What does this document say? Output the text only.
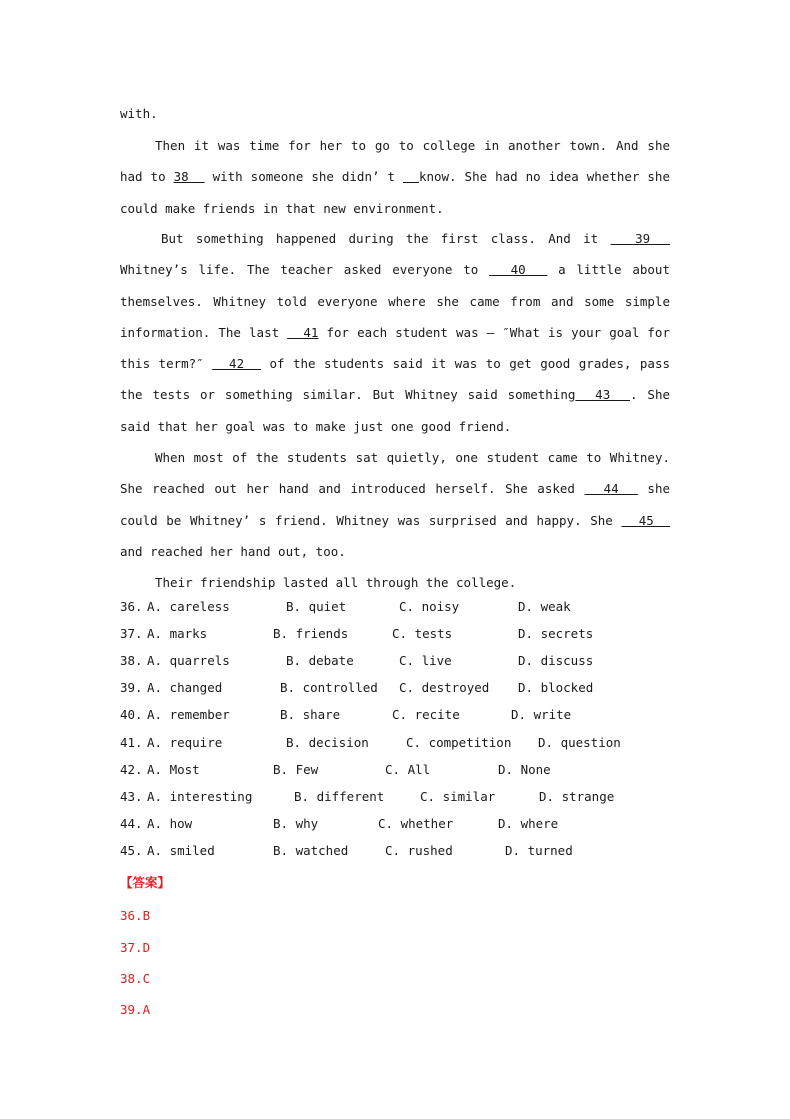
with.

Then it was time for her to go to college in another town. And she had to 38   with someone she didn’ t   know. She had no idea whether she could make friends in that new environment.

But something happened during the first class. And it   39   Whitney’s life. The teacher asked everyone to   40   a little about themselves. Whitney told everyone where she came from and some simple information. The last   41 for each student was – ″What is your goal for this term?″   42   of the students said it was to get good grades, pass the tests or something similar. But Whitney said something  43  . She said that her goal was to make just one good friend.

When most of the students sat quietly, one student came to Whitney. She reached out her hand and introduced herself. She asked   44   she could be Whitney’ s friend. Whitney was surprised and happy. She   45   and reached her hand out, too.

Their friendship lasted all through the college.

36. A. careless	B. quiet	C. noisy	D. weak
37. A. marks	B. friends	C. tests	D. secrets
38. A. quarrels	B. debate	C. live	D. discuss
39. A. changed	B. controlled C. destroyed D. blocked
40. A. remember	B. share	C. recite	D. write
41. A. require	B. decision	C. competition D. question
42. A. Most	B. Few	C. All	D. None
43. A. interesting	B. different	C. similar	D. strange
44. A. how	B. why	C. whether	D. where
45. A. smiled	B. watched	C. rushed	D. turned
【答案】
36.B
37.D
38.C
39.A
